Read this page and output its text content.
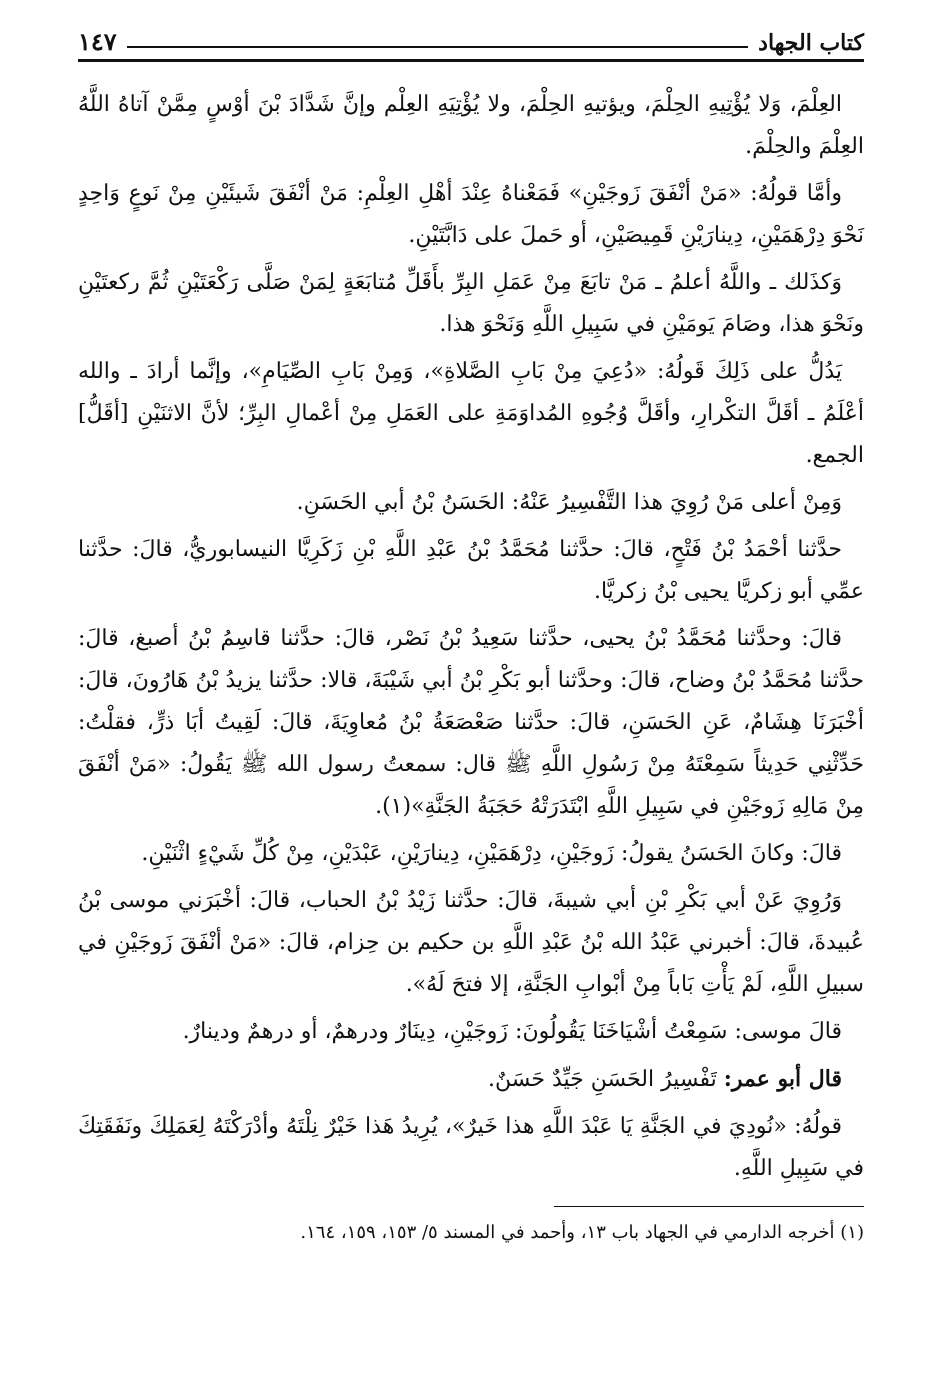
كتاب الجهاد
١٤٧

العِلْمَ، وَلا يُؤْتِيهِ الحِلْمَ، ويؤتيهِ الحِلْمَ، ولا يُؤْتِيَهِ العِلْم وإنَّ شَدَّادَ بْنَ أوْسٍ مِمَّنْ آتاهُ اللَّهُ العِلْمَ والحِلْمَ.

وأمَّا قولُهُ: «مَنْ أنْفَقَ زَوجَيْنِ» فَمَعْناهُ عِنْدَ أهْلِ العِلْمِ: مَنْ أنْفَقَ شَيئَيْنِ مِنْ نَوعٍ وَاحِدٍ نَحْوَ دِرْهَمَيْنِ، دِينارَيْنِ قَمِيصَيْنِ، أو حَملَ على دَابَّتَيْنِ.

وَكذَلك ـ واللَّهُ أعلمُ ـ مَنْ تابَعَ مِنْ عَمَلِ البِرِّ بأَقَلِّ مُتابَعَةٍ لِمَنْ صَلَّى رَكْعَتَيْنِ ثُمَّ ركعتَيْنِ ونَحْوَ هذا، وصَامَ يَومَيْنِ في سَبِيلِ اللَّهِ وَنَحْوَ هذا.

يَدُلُّ على ذَلِكَ قَولُهُ: «دُعِيَ مِنْ بَابِ الصَّلاةِ»، وَمِنْ بَابِ الصِّيَامِ»، وإنَّما أرادَ ـ والله أعْلَمُ ـ أقَلَّ التكْرارِ، وأقَلَّ وُجُوهِ المُداوَمَةِ على العَمَلِ مِنْ أعْمالِ البِرِّ؛ لأنَّ الاثنَيْنِ [أقَلُّ] الجمع.

وَمِنْ أعلى مَنْ رُوِيَ هذا التَّفْسِيرُ عَنْهُ: الحَسَنُ بْنُ أبي الحَسَنِ.

حدَّثنا أحْمَدُ بْنُ فَتْحٍ، قالَ: حدَّثنا مُحَمَّدُ بْنُ عَبْدِ اللَّهِ بْنِ زَكَرِيَّا النيسابوريُّ، قالَ: حدَّثنا عمِّي أبو زكريَّا يحيى بْنُ زكريَّا.

قالَ: وحدَّثنا مُحَمَّدُ بْنُ يحيى، حدَّثنا سَعِيدُ بْنُ نَصْر، قالَ: حدَّثنا قاسِمُ بْنُ أصبغ، قالَ: حدَّثنا مُحَمَّدُ بْنُ وضاح، قالَ: وحدَّثنا أبو بَكْرِ بْنُ أبي شَيْبَةَ، قالا: حدَّثنا يزيدُ بْنُ هَارُونَ، قالَ: أخْبَرَنَا هِشَامٌ، عَنِ الحَسَنِ، قالَ: حدَّثنا صَعْصَعَةُ بْنُ مُعاوِيَةَ، قالَ: لَقِيتُ أبَا ذرٍّ، فقلْتُ: حَدِّثْنِي حَدِيثاً سَمِعْتَهُ مِنْ رَسُولِ اللَّهِ ﷺ قال: سمعتُ رسول الله ﷺ يَقُولُ: «مَنْ أنْفَقَ مِنْ مَالِهِ زَوجَيْنِ في سَبِيلِ اللَّهِ ابْتَدَرَتْهُ حَجَبَةُ الجَنَّةِ»(١).

قالَ: وكانَ الحَسَنُ يقولُ: زَوجَيْنِ، دِرْهَمَيْنِ، دِينارَيْنِ، عَبْدَيْنِ، مِنْ كُلِّ شَيْءٍ اثْنَيْنِ.

وَرُوِيَ عَنْ أبي بَكْرِ بْنِ أبي شيبةَ، قالَ: حدَّثنا زَيْدُ بْنُ الحباب، قالَ: أخْبَرَني موسى بْنُ عُبيدةَ، قالَ: أخبرني عَبْدُ الله بْنُ عَبْدِ اللَّهِ بن حكيم بن حِزام، قالَ: «مَنْ أنْفَقَ زَوجَيْنِ في سبيلِ اللَّهِ، لَمْ يَأْتِ بَاباً مِنْ أبْوابِ الجَنَّةِ، إلا فتحَ لَهُ».

قالَ موسى: سَمِعْتُ أشْيَاخَنَا يَقُولُونَ: زَوجَيْنِ، دِينَارٌ ودرهمٌ، أو درهمٌ ودينارٌ.

قال أبو عمر: تَفْسِيرُ الحَسَنِ جَيِّدٌ حَسَنٌ.

قولُهُ: «نُودِيَ في الجَنَّةِ يَا عَبْدَ اللَّهِ هذا خَيرٌ»، يُرِيدُ هَذا خَيْرٌ نِلْتَهُ وأدْرَكْتَهُ لِعَمَلِكَ ونَفَقَتِكَ في سَبِيلِ اللَّهِ.

(١) أخرجه الدارمي في الجهاد باب ١٣، وأحمد في المسند ٥/ ١٥٣، ١٥٩، ١٦٤.
